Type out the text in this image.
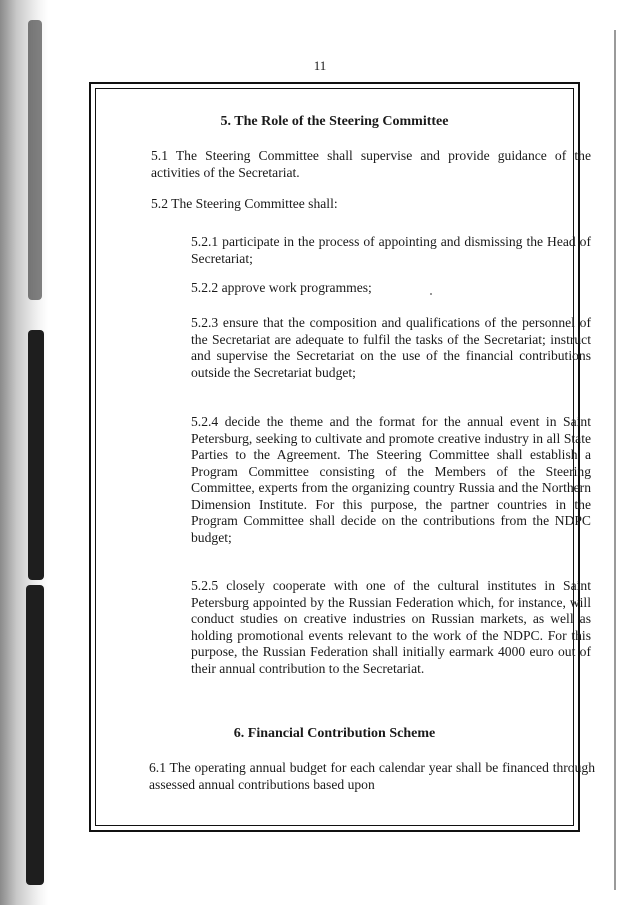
11
5. The Role of the Steering Committee

5.1 The Steering Committee shall supervise and provide guidance of the activities of the Secretariat.

5.2 The Steering Committee shall:

5.2.1 participate in the process of appointing and dismissing the Head of Secretariat;

5.2.2 approve work programmes;

5.2.3 ensure that the composition and qualifications of the personnel of the Secretariat are adequate to fulfil the tasks of the Secretariat; instruct and supervise the Secretariat on the use of the financial contributions outside the Secretariat budget;

5.2.4 decide the theme and the format for the annual event in Saint Petersburg, seeking to cultivate and promote creative industry in all State Parties to the Agreement. The Steering Committee shall establish a Program Committee consisting of the Members of the Steering Committee, experts from the organizing country Russia and the Northern Dimension Institute. For this purpose, the partner countries in the Program Committee shall decide on the contributions from the NDPC budget;

5.2.5 closely cooperate with one of the cultural institutes in Saint Petersburg appointed by the Russian Federation which, for instance, will conduct studies on creative industries on Russian markets, as well as holding promotional events relevant to the work of the NDPC. For this purpose, the Russian Federation shall initially earmark 4000 euro out of their annual contribution to the Secretariat.

6. Financial Contribution Scheme

6.1 The operating annual budget for each calendar year shall be financed through assessed annual contributions based upon
